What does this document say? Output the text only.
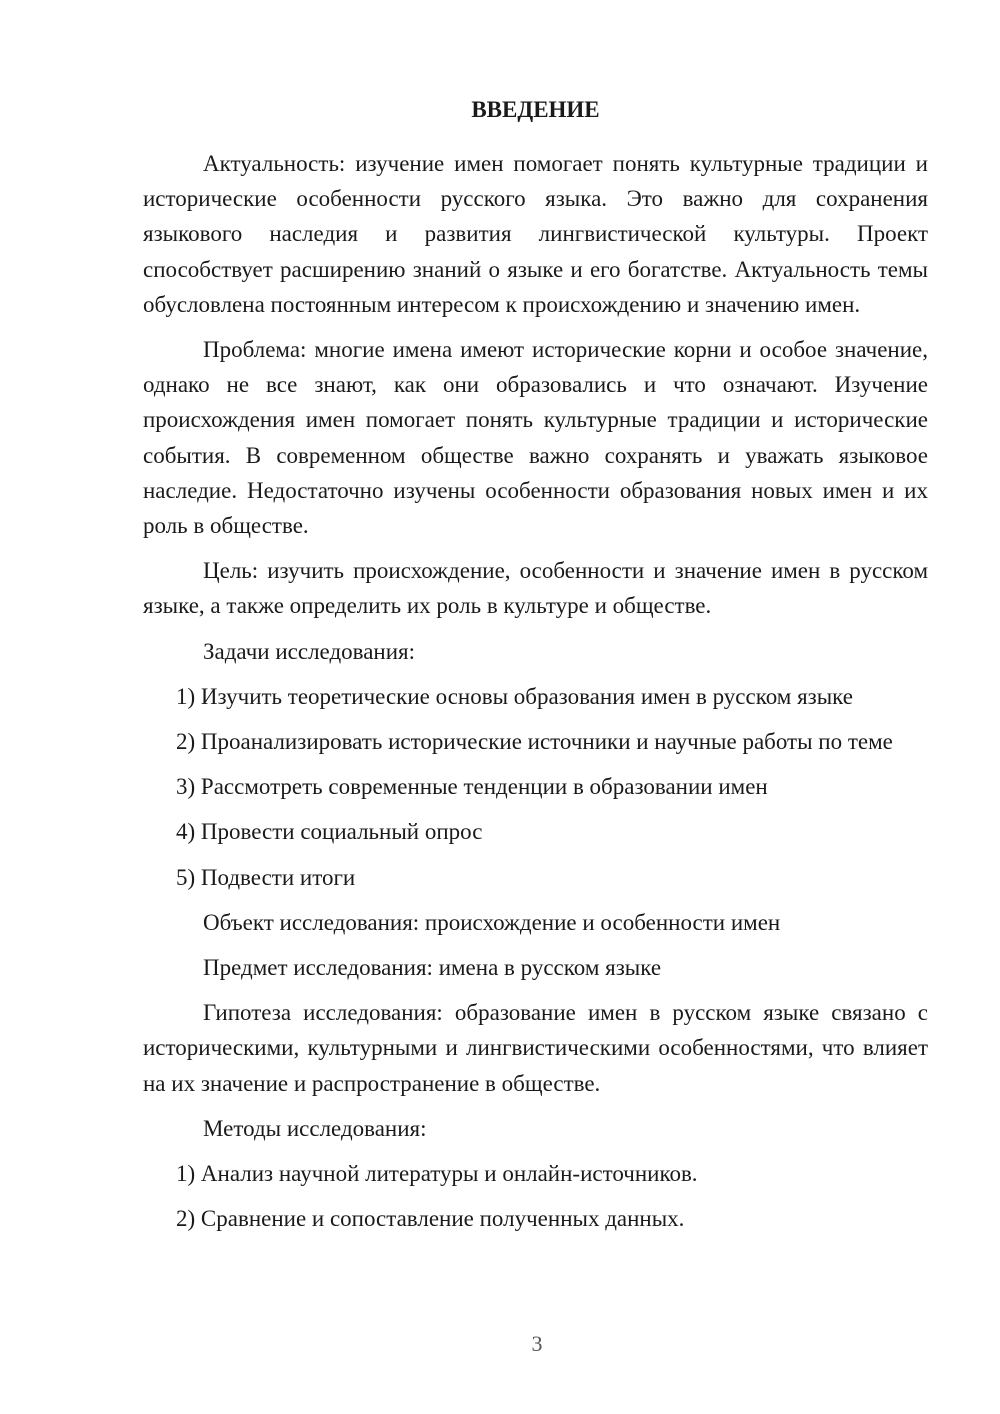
ВВЕДЕНИЕ

Актуальность: изучение имен помогает понять культурные традиции и исторические особенности русского языка. Это важно для сохранения языкового наследия и развития лингвистической культуры. Проект способствует расширению знаний о языке и его богатстве. Актуальность темы обусловлена постоянным интересом к происхождению и значению имен.

Проблема: многие имена имеют исторические корни и особое значение, однако не все знают, как они образовались и что означают. Изучение происхождения имен помогает понять культурные традиции и исторические события. В современном обществе важно сохранять и уважать языковое наследие. Недостаточно изучены особенности образования новых имен и их роль в обществе.

Цель: изучить происхождение, особенности и значение имен в русском языке, а также определить их роль в культуре и обществе.

Задачи исследования:

1) Изучить теоретические основы образования имен в русском языке

2) Проанализировать исторические источники и научные работы по теме

3) Рассмотреть современные тенденции в образовании имен

4) Провести социальный опрос

5) Подвести итоги

Объект исследования: происхождение и особенности имен

Предмет исследования: имена в русском языке

Гипотеза исследования: образование имен в русском языке связано с историческими, культурными и лингвистическими особенностями, что влияет на их значение и распространение в обществе.

Методы исследования:

1) Анализ научной литературы и онлайн-источников.

2) Сравнение и сопоставление полученных данных.

3
